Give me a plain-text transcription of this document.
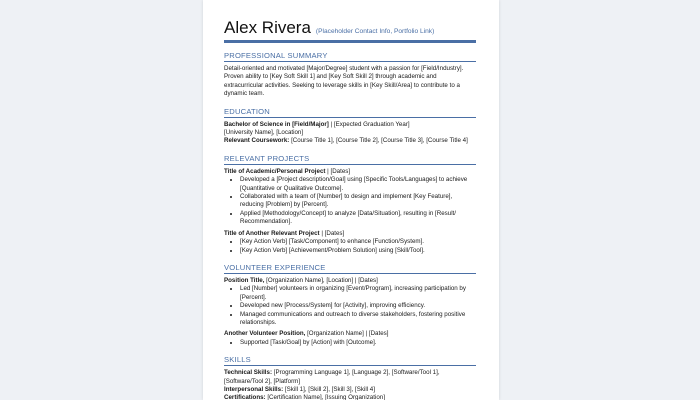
Alex Rivera (Placeholder Contact Info, Portfolio Link)
PROFESSIONAL SUMMARY
Detail-oriented and motivated [Major/Degree] student with a passion for [Field/Industry]. Proven ability to [Key Soft Skill 1] and [Key Soft Skill 2] through academic and extracurricular activities. Seeking to leverage skills in [Key Skill/Area] to contribute to a dynamic team.
EDUCATION
Bachelor of Science in [Field/Major] | [Expected Graduation Year]
[University Name], [Location]
Relevant Coursework: [Course Title 1], [Course Title 2], [Course Title 3], [Course Title 4]
RELEVANT PROJECTS
Title of Academic/Personal Project | [Dates]
• Developed a [Project description/Goal] using [Specific Tools/Languages] to achieve [Quantitative or Qualitative Outcome].
• Collaborated with a team of [Number] to design and implement [Key Feature], reducing [Problem] by [Percent].
• Applied [Methodology/Concept] to analyze [Data/Situation], resulting in [Result/ Recommendation].
Title of Another Relevant Project | [Dates]
• [Key Action Verb] [Task/Component] to enhance [Function/System].
• [Key Action Verb] [Achievement/Problem Solution] using [Skill/Tool].
VOLUNTEER EXPERIENCE
Position Title, [Organization Name], [Location] | [Dates]
• Led [Number] volunteers in organizing [Event/Program], increasing participation by [Percent].
• Developed new [Process/System] for [Activity], improving efficiency.
• Managed communications and outreach to diverse stakeholders, fostering positive relationships.
Another Volunteer Position, [Organization Name] | [Dates]
• Supported [Task/Goal] by [Action] with [Outcome].
SKILLS
Technical Skills: [Programming Language 1], [Language 2], [Software/Tool 1], [Software/Tool 2], [Platform]
Interpersonal Skills: [Skill 1], [Skill 2], [Skill 3], [Skill 4]
Certifications: [Certification Name], [Issuing Organization]
